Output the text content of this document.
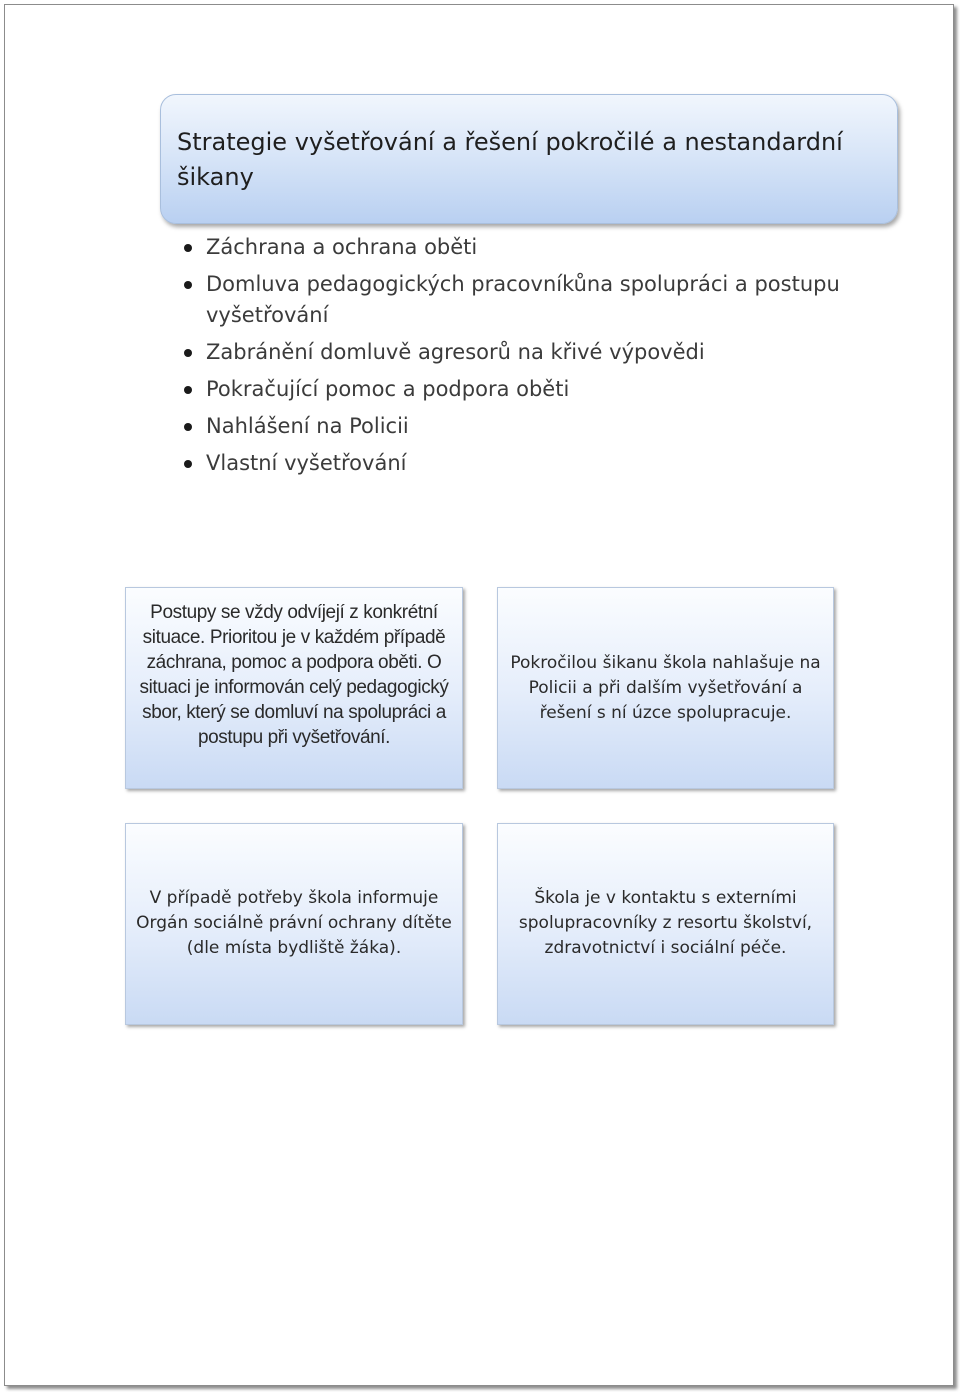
Strategie vyšetřování a řešení pokročilé a nestandardní šikany
Záchrana a ochrana oběti
Domluva pedagogických pracovníkůna spolupráci a postupu vyšetřování
Zabránění domluvě agresorů na křivé výpovědi
Pokračující pomoc a podpora oběti
Nahlášení na Policii
Vlastní vyšetřování

Postupy se vždy odvíjejí z konkrétní situace. Prioritou je v každém případě záchrana, pomoc a podpora oběti. O situaci je informován celý pedagogický sbor, který se domluví na spolupráci a postupu při vyšetřování.

Pokročilou šikanu škola nahlašuje na Policii a při dalším vyšetřování a řešení s ní úzce spolupracuje.

V případě potřeby škola informuje Orgán sociálně právní ochrany dítěte (dle místa bydliště žáka).

Škola je v kontaktu s externími spolupracovníky z resortu školství, zdravotnictví i sociální péče.
